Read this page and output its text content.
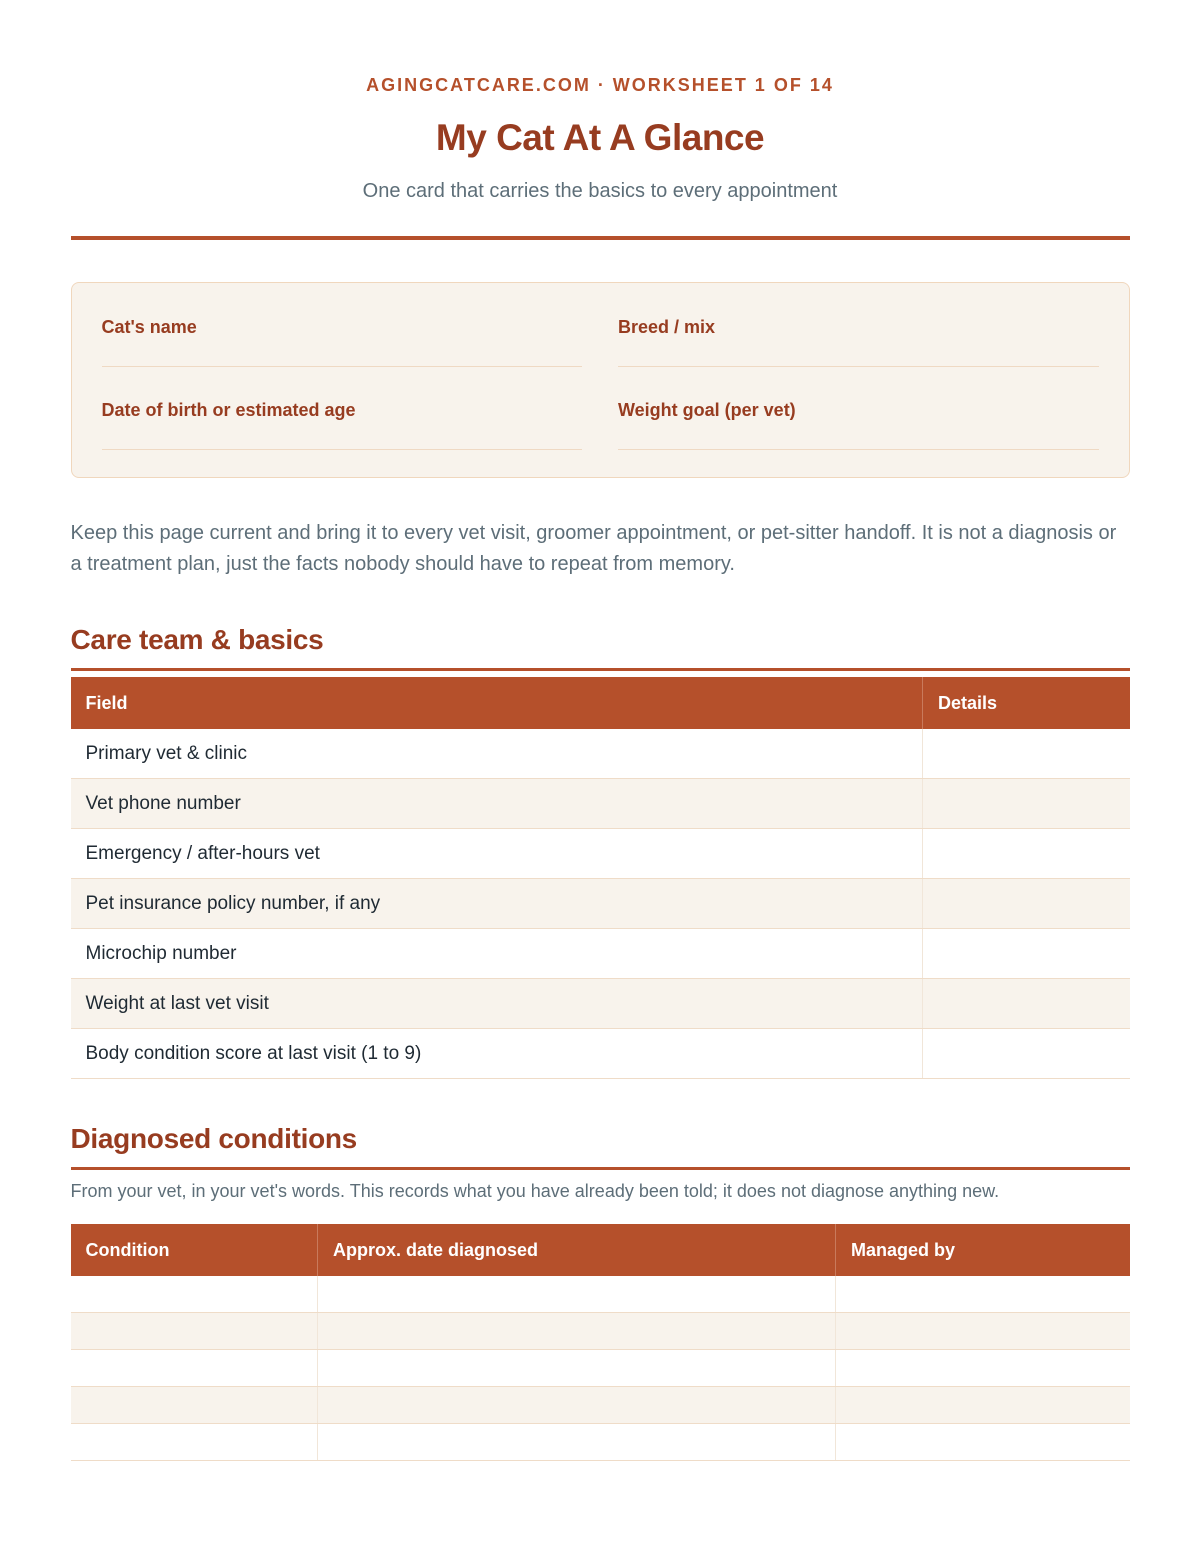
AGINGCATCARE.COM · WORKSHEET 1 OF 14
My Cat At A Glance
One card that carries the basics to every appointment
Cat's name	Breed / mix
Date of birth or estimated age	Weight goal (per vet)
Keep this page current and bring it to every vet visit, groomer appointment, or pet-sitter handoff. It is not a diagnosis or a treatment plan, just the facts nobody should have to repeat from memory.
Care team & basics
Field	Details
Primary vet & clinic	
Vet phone number	
Emergency / after-hours vet	
Pet insurance policy number, if any	
Microchip number	
Weight at last vet visit	
Body condition score at last visit (1 to 9)	
Diagnosed conditions
From your vet, in your vet's words. This records what you have already been told; it does not diagnose anything new.
Condition	Approx. date diagnosed	Managed by
